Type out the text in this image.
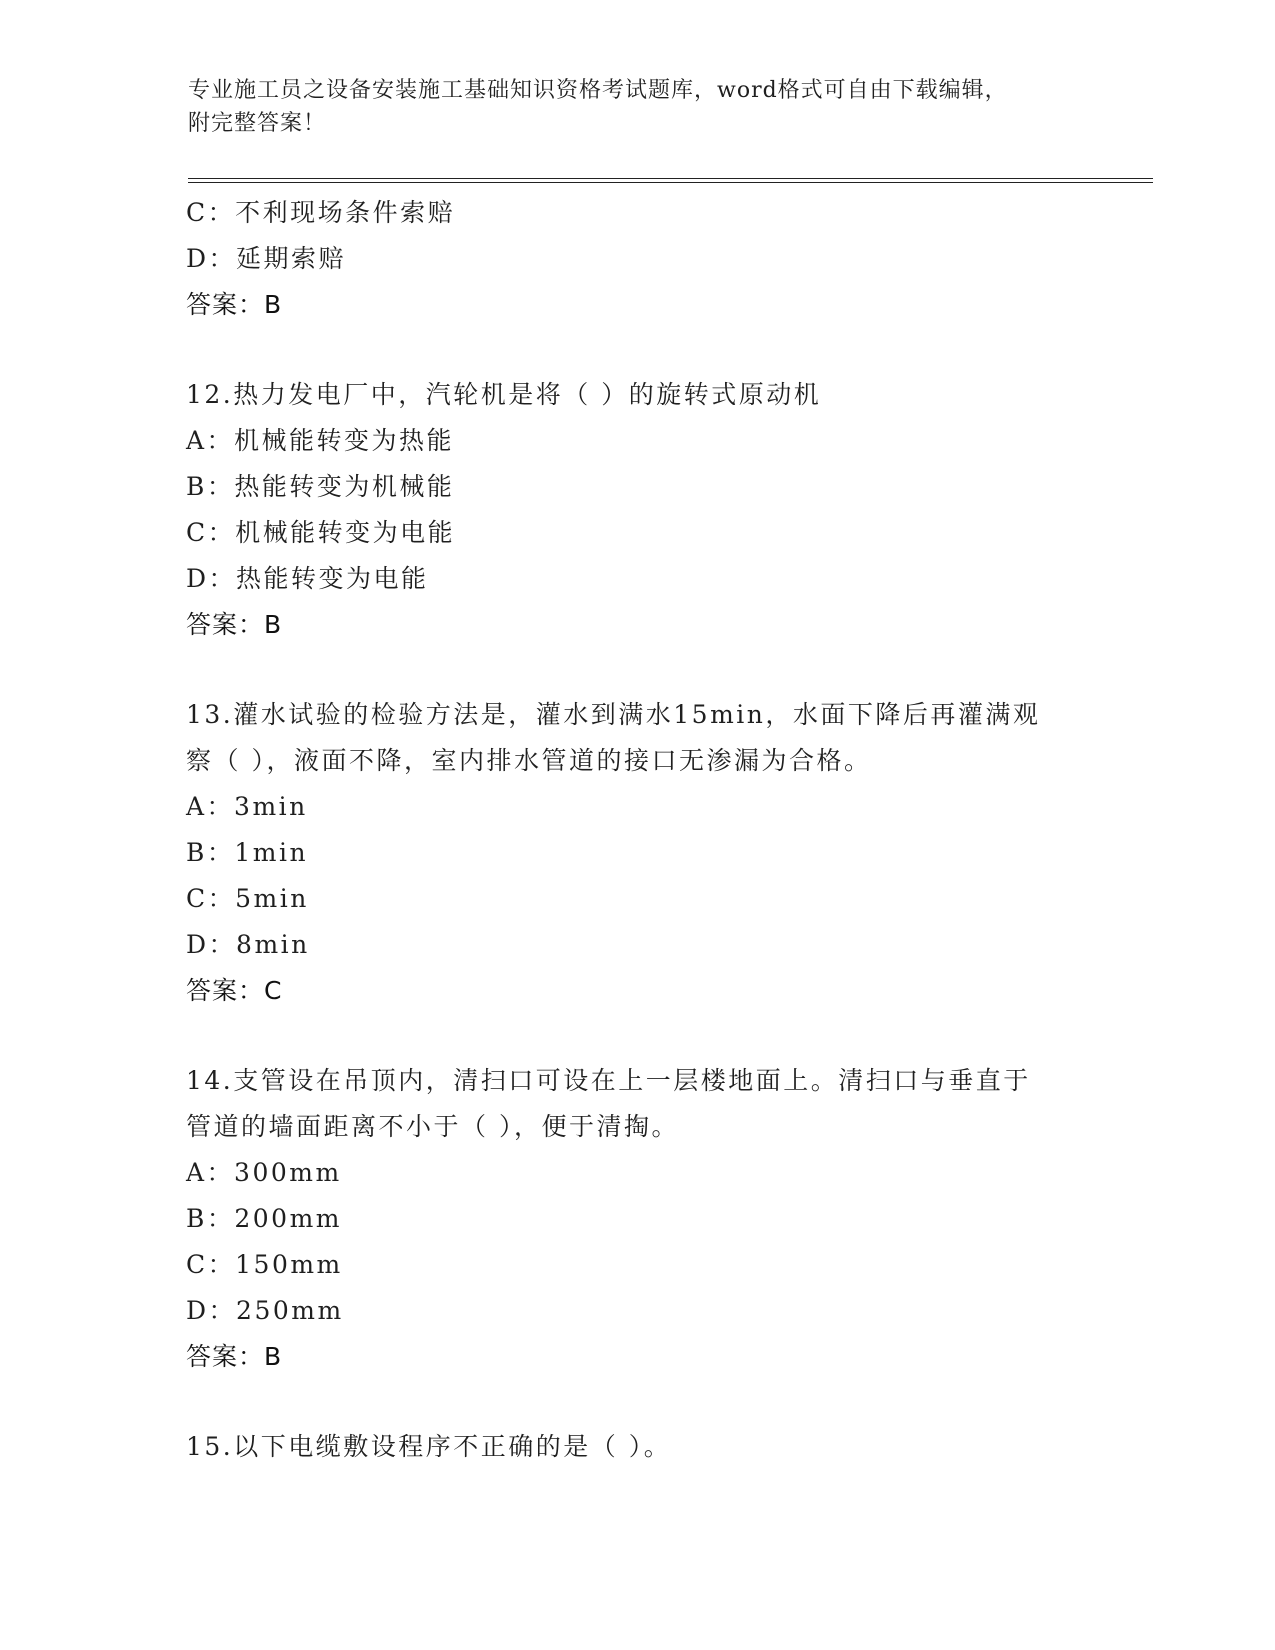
专业施工员之设备安装施工基础知识资格考试题库，word格式可自由下载编辑，
附完整答案！
C：不利现场条件索赔
D：延期索赔
答案：B
12.热力发电厂中，汽轮机是将（ ）的旋转式原动机
A：机械能转变为热能
B：热能转变为机械能
C：机械能转变为电能
D：热能转变为电能
答案：B
13.灌水试验的检验方法是，灌水到满水15min，水面下降后再灌满观
察（ ），液面不降，室内排水管道的接口无渗漏为合格。
A：3min
B：1min
C：5min
D：8min
答案：C
14.支管设在吊顶内，清扫口可设在上一层楼地面上。清扫口与垂直于
管道的墙面距离不小于（ ），便于清掏。
A：300mm
B：200mm
C：150mm
D：250mm
答案：B
15.以下电缆敷设程序不正确的是（ ）。
